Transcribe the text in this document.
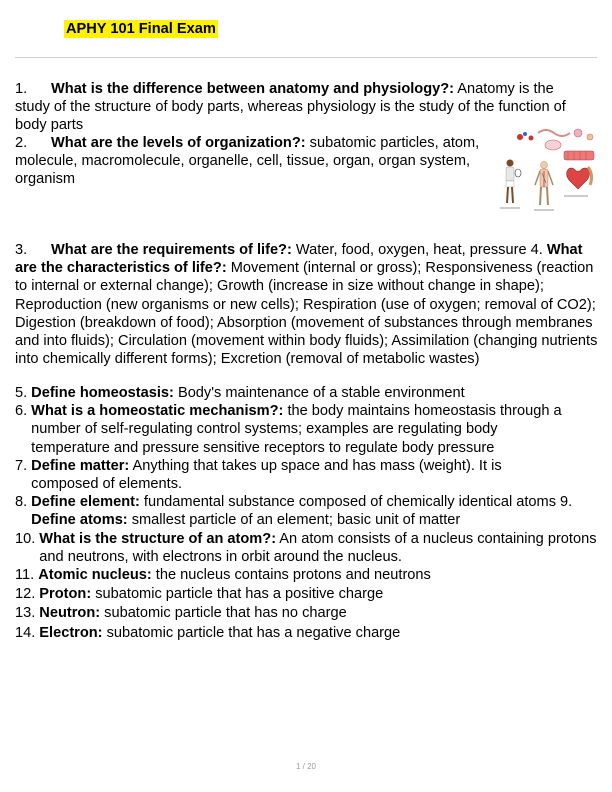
APHY 101 Final Exam
1. What is the difference between anatomy and physiology?: Anatomy is the study of the structure of body parts, whereas physiology is the study of the function of body parts
2. What are the levels of organization?: subatomic particles, atom, molecule, macromolecule, organelle, cell, tissue, organ, organ system, organism
3. What are the requirements of life?: Water, food, oxygen, heat, pressure 4. What are the characteristics of life?: Movement (internal or gross); Responsiveness (reaction to internal or external change); Growth (increase in size without change in shape); Reproduction (new organisms or new cells); Respiration (use of oxygen; removal of CO2); Digestion (breakdown of food); Absorption (movement of substances through membranes and into fluids); Circulation (movement within body fluids); Assimilation (changing nutrients into chemically different forms); Excretion (removal of metabolic wastes)
5. Define homeostasis: Body's maintenance of a stable environment
6. What is a homeostatic mechanism?: the body maintains homeostasis through a number of self-regulating control systems; examples are regulating body temperature and pressure sensitive receptors to regulate body pressure
7. Define matter: Anything that takes up space and has mass (weight). It is composed of elements.
8. Define element: fundamental substance composed of chemically identical atoms 9. Define atoms: smallest particle of an element; basic unit of matter
10. What is the structure of an atom?: An atom consists of a nucleus containing protons and neutrons, with electrons in orbit around the nucleus.
11. Atomic nucleus: the nucleus contains protons and neutrons
12. Proton: subatomic particle that has a positive charge
13. Neutron: subatomic particle that has no charge
14. Electron: subatomic particle that has a negative charge
1 / 20
